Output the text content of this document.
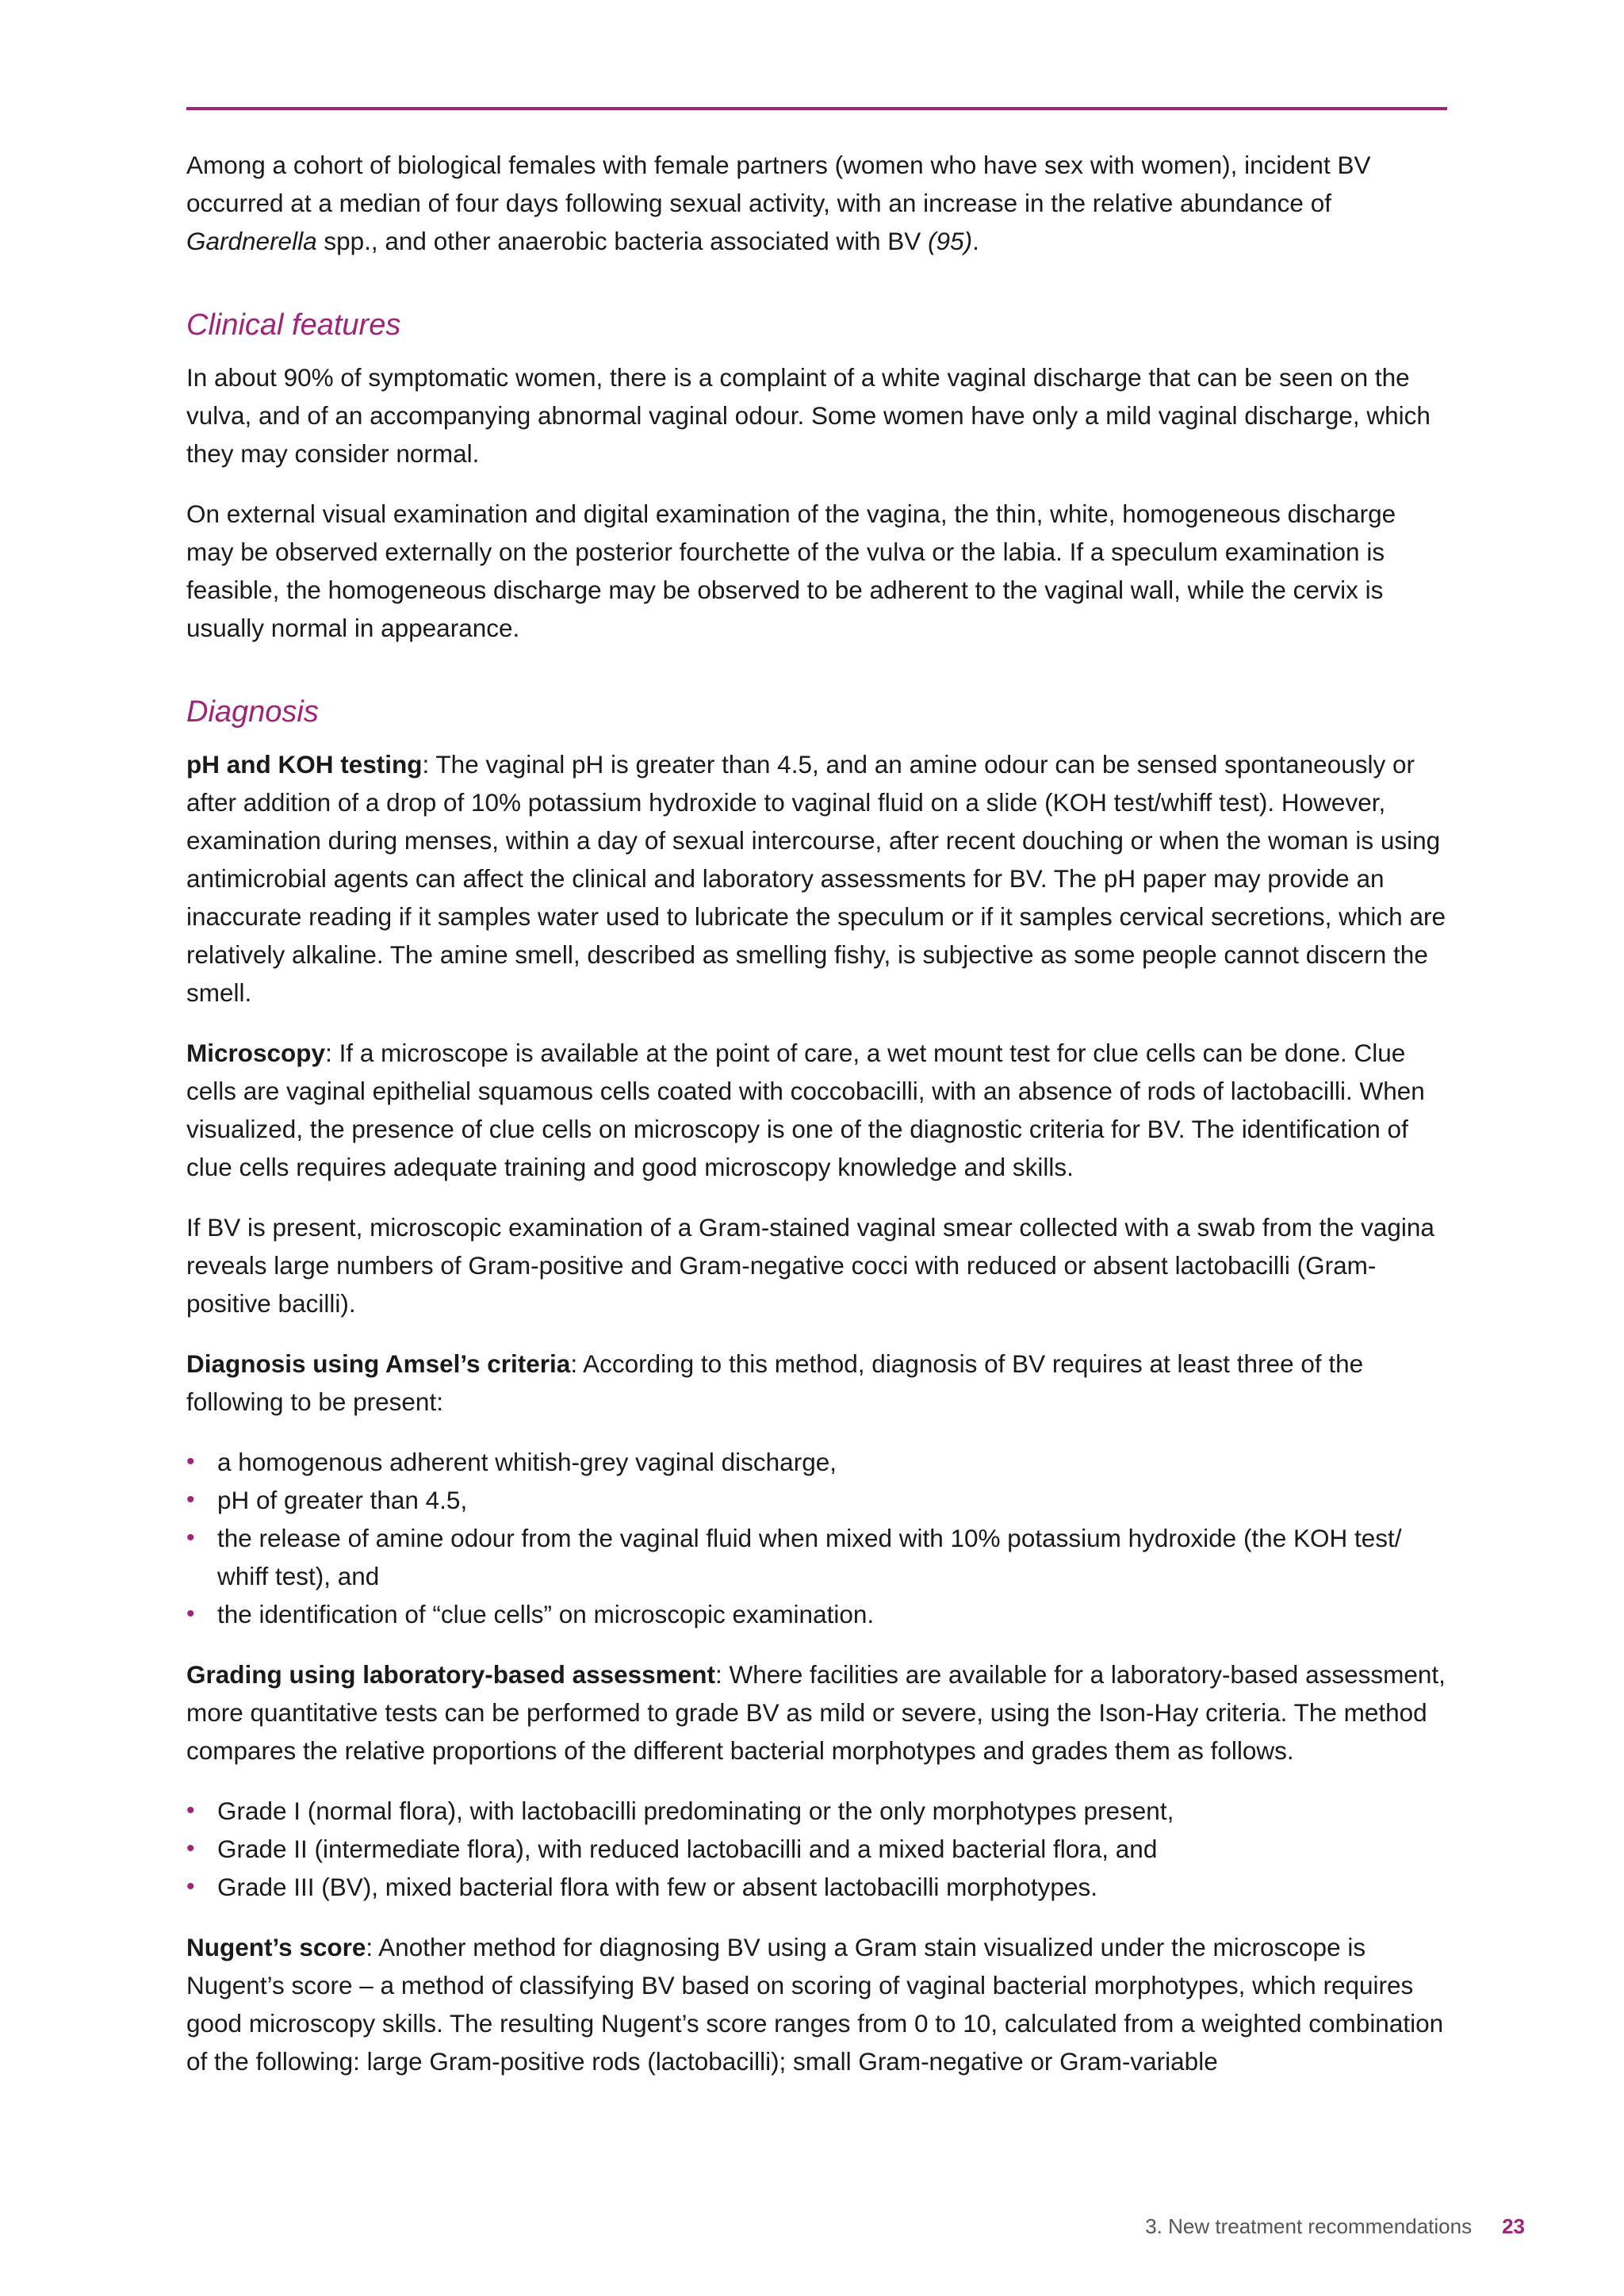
Among a cohort of biological females with female partners (women who have sex with women), incident BV occurred at a median of four days following sexual activity, with an increase in the relative abundance of Gardnerella spp., and other anaerobic bacteria associated with BV (95).

Clinical features

In about 90% of symptomatic women, there is a complaint of a white vaginal discharge that can be seen on the vulva, and of an accompanying abnormal vaginal odour. Some women have only a mild vaginal discharge, which they may consider normal.

On external visual examination and digital examination of the vagina, the thin, white, homogeneous discharge may be observed externally on the posterior fourchette of the vulva or the labia. If a speculum examination is feasible, the homogeneous discharge may be observed to be adherent to the vaginal wall, while the cervix is usually normal in appearance.

Diagnosis

pH and KOH testing: The vaginal pH is greater than 4.5, and an amine odour can be sensed spontaneously or after addition of a drop of 10% potassium hydroxide to vaginal fluid on a slide (KOH test/whiff test). However, examination during menses, within a day of sexual intercourse, after recent douching or when the woman is using antimicrobial agents can affect the clinical and laboratory assessments for BV. The pH paper may provide an inaccurate reading if it samples water used to lubricate the speculum or if it samples cervical secretions, which are relatively alkaline. The amine smell, described as smelling fishy, is subjective as some people cannot discern the smell.

Microscopy: If a microscope is available at the point of care, a wet mount test for clue cells can be done. Clue cells are vaginal epithelial squamous cells coated with coccobacilli, with an absence of rods of lactobacilli. When visualized, the presence of clue cells on microscopy is one of the diagnostic criteria for BV. The identification of clue cells requires adequate training and good microscopy knowledge and skills.

If BV is present, microscopic examination of a Gram-stained vaginal smear collected with a swab from the vagina reveals large numbers of Gram-positive and Gram-negative cocci with reduced or absent lactobacilli (Gram-positive bacilli).

Diagnosis using Amsel’s criteria: According to this method, diagnosis of BV requires at least three of the following to be present:

• a homogenous adherent whitish-grey vaginal discharge,
• pH of greater than 4.5,
• the release of amine odour from the vaginal fluid when mixed with 10% potassium hydroxide (the KOH test/ whiff test), and
• the identification of “clue cells” on microscopic examination.

Grading using laboratory-based assessment: Where facilities are available for a laboratory-based assessment, more quantitative tests can be performed to grade BV as mild or severe, using the Ison-Hay criteria. The method compares the relative proportions of the different bacterial morphotypes and grades them as follows.

• Grade I (normal flora), with lactobacilli predominating or the only morphotypes present,
• Grade II (intermediate flora), with reduced lactobacilli and a mixed bacterial flora, and
• Grade III (BV), mixed bacterial flora with few or absent lactobacilli morphotypes.

Nugent’s score: Another method for diagnosing BV using a Gram stain visualized under the microscope is Nugent’s score – a method of classifying BV based on scoring of vaginal bacterial morphotypes, which requires good microscopy skills. The resulting Nugent’s score ranges from 0 to 10, calculated from a weighted combination of the following: large Gram-positive rods (lactobacilli); small Gram-negative or Gram-variable

3. New treatment recommendations 23
